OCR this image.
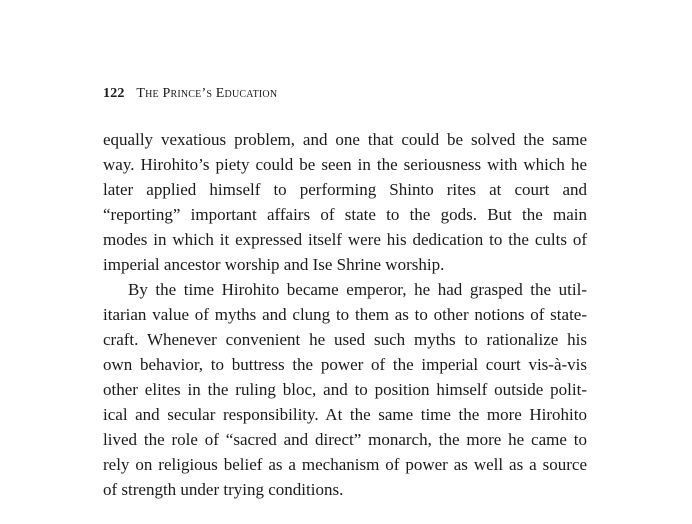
122 The Prince’s Education
equally vexatious problem, and one that could be solved the same
way. Hirohito’s piety could be seen in the seriousness with which he
later applied himself to performing Shinto rites at court and
“reporting” important affairs of state to the gods. But the main
modes in which it expressed itself were his dedication to the cults of
imperial ancestor worship and Ise Shrine worship.
By the time Hirohito became emperor, he had grasped the util-
itarian value of myths and clung to them as to other notions of state-
craft. Whenever convenient he used such myths to rationalize his
own behavior, to buttress the power of the imperial court vis-à-vis
other elites in the ruling bloc, and to position himself outside polit-
ical and secular responsibility. At the same time the more Hirohito
lived the role of “sacred and direct” monarch, the more he came to
rely on religious belief as a mechanism of power as well as a source
of strength under trying conditions.
